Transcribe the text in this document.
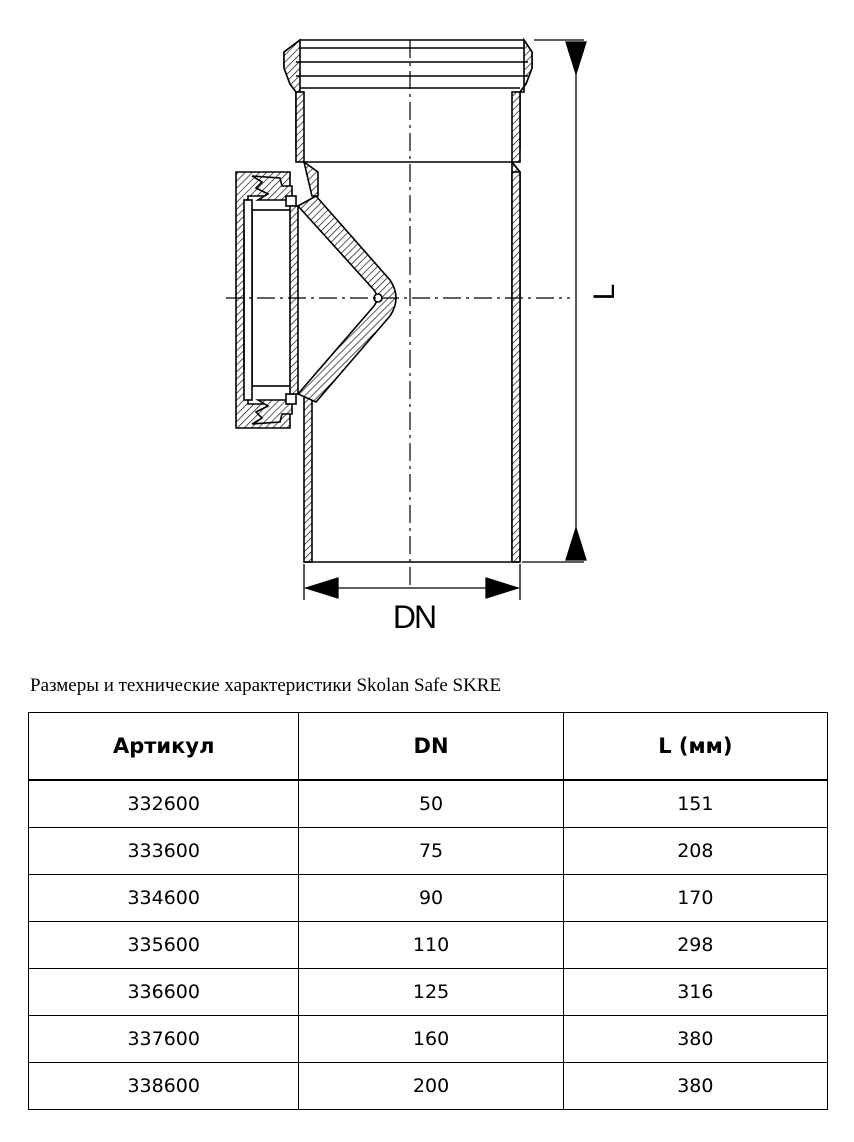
L
DN
Размеры и технические характеристики Skolan Safe SKRE
Артикул	DN	L (мм)
332600	50	151
333600	75	208
334600	90	170
335600	110	298
336600	125	316
337600	160	380
338600	200	380
